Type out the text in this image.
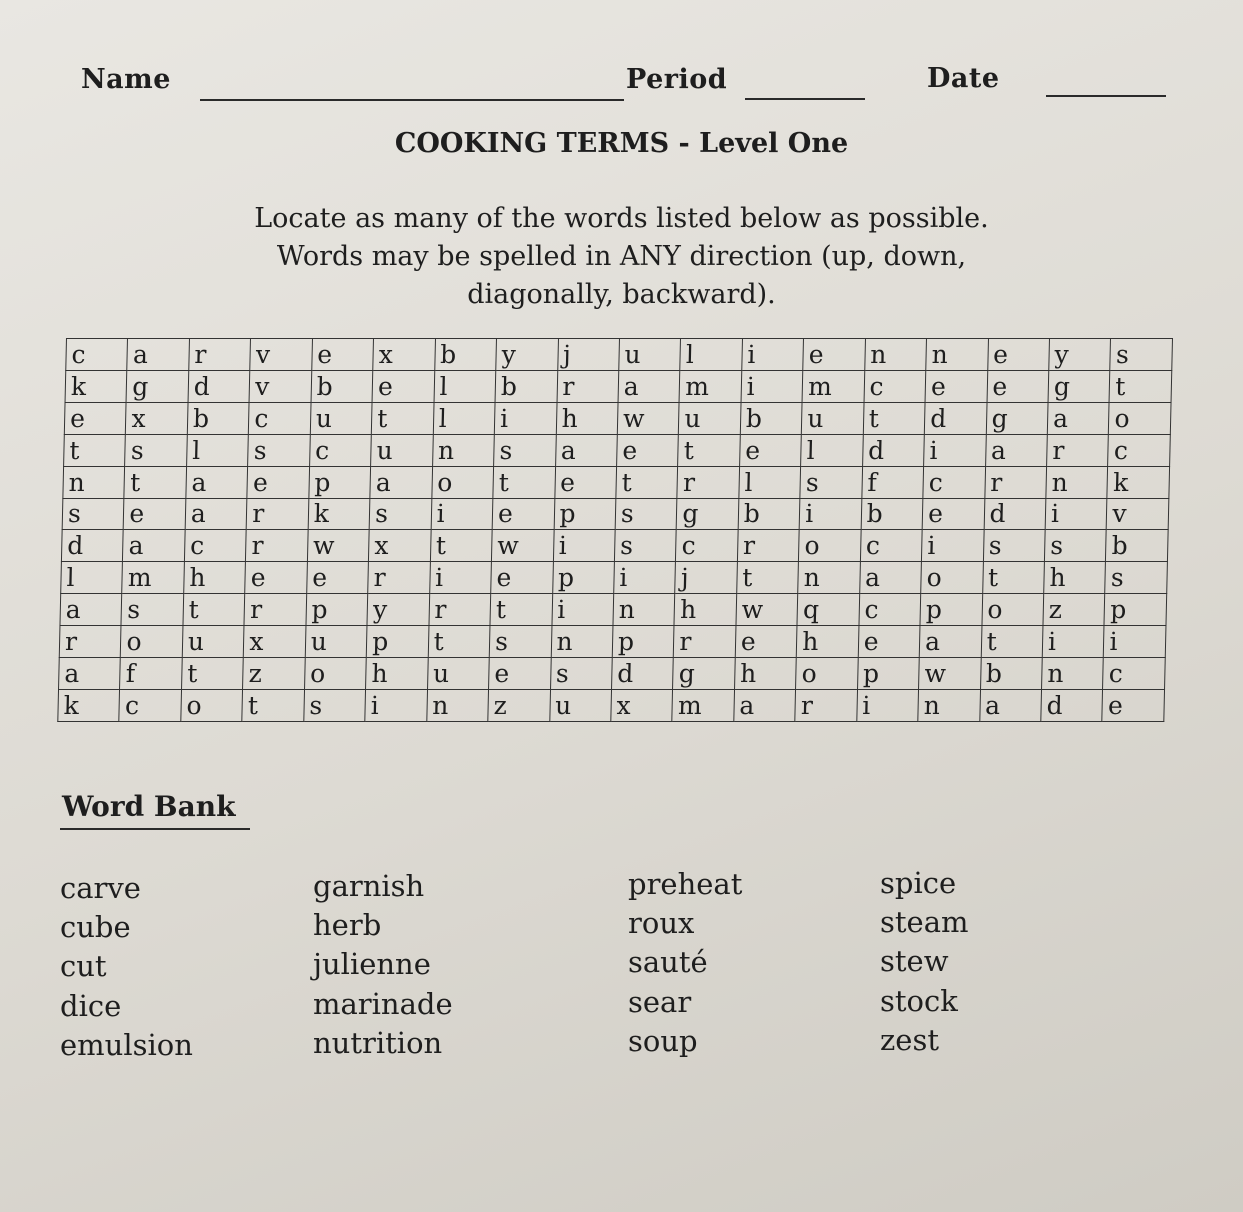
Name	Period	Date
COOKING TERMS - Level One
Locate as many of the words listed below as possible.
Words may be spelled in ANY direction (up, down,
diagonally, backward).
c	a	r	v	e	x	b	y	j	u	l	i	e	n	n	e	y	s
k	g	d	v	b	e	l	b	r	a	m	i	m	c	e	e	g	t
e	x	b	c	u	t	l	i	h	w	u	b	u	t	d	g	a	o
t	s	l	s	c	u	n	s	a	e	t	e	l	d	i	a	r	c
n	t	a	e	p	a	o	t	e	t	r	l	s	f	c	r	n	k
s	e	a	r	k	s	i	e	p	s	g	b	i	b	e	d	i	v
d	a	c	r	w	x	t	w	i	s	c	r	o	c	i	s	s	b
l	m	h	e	e	r	i	e	p	i	j	t	n	a	o	t	h	s
a	s	t	r	p	y	r	t	i	n	h	w	q	c	p	o	z	p
r	o	u	x	u	p	t	s	n	p	r	e	h	e	a	t	i	i
a	f	t	z	o	h	u	e	s	d	g	h	o	p	w	b	n	c
k	c	o	t	s	i	n	z	u	x	m	a	r	i	n	a	d	e
Word Bank
carve
cube
cut
dice
emulsion
garnish
herb
julienne
marinade
nutrition
preheat
roux
sauté
sear
soup
spice
steam
stew
stock
zest
